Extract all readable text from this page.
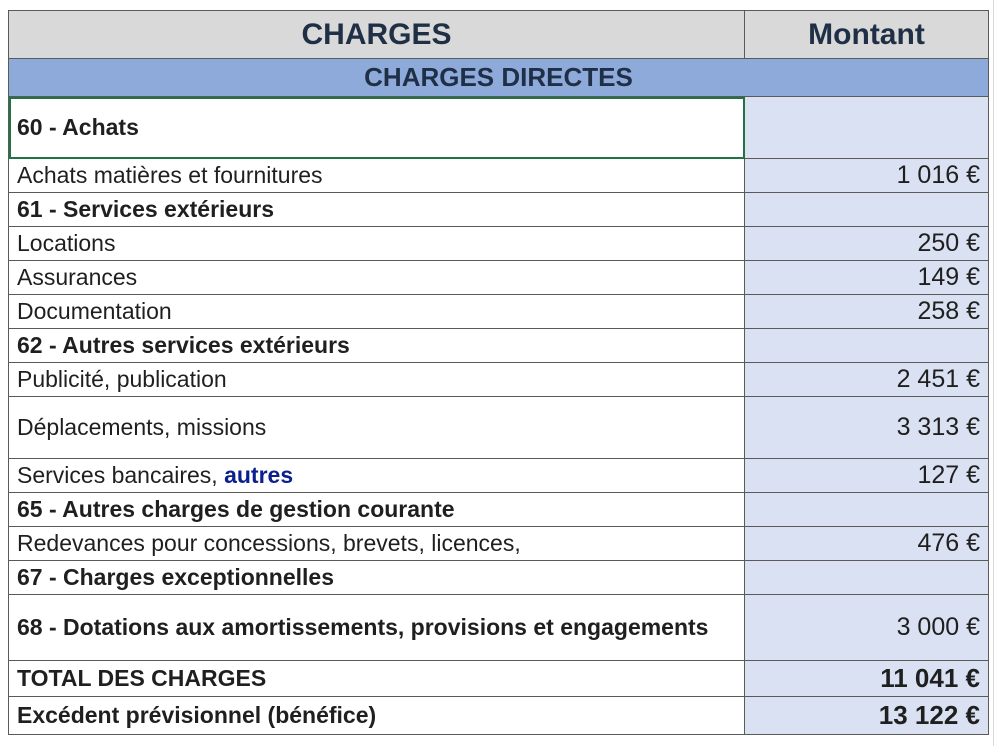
CHARGES	Montant
CHARGES DIRECTES	
60 - Achats	
Achats matières et fournitures	1 016 €
61 - Services extérieurs	
Locations	250 €
Assurances	149 €
Documentation	258 €
62 - Autres services extérieurs	
Publicité, publication	2 451 €
Déplacements, missions	3 313 €
Services bancaires, autres	127 €
65 - Autres charges de gestion courante	
Redevances pour concessions, brevets, licences,	476 €
67 - Charges exceptionnelles	
68 - Dotations aux amortissements, provisions et engagements	3 000 €
TOTAL DES CHARGES	11 041 €
Excédent prévisionnel (bénéfice)	13 122 €
